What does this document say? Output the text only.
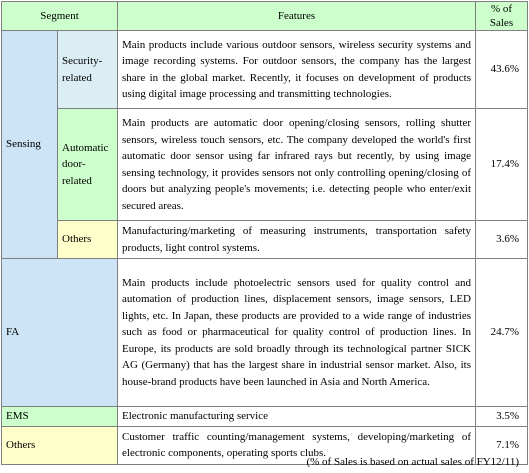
Segment		Features	% of Sales
Sensing	Security-related	Main products include various outdoor sensors, wireless security systems and image recording systems. For outdoor sensors, the company has the largest share in the global market. Recently, it focuses on development of products using digital image processing and transmitting technologies.	43.6%
	Automatic door-related	Main products are automatic door opening/closing sensors, rolling shutter sensors, wireless touch sensors, etc. The company developed the world's first automatic door sensor using far infrared rays but recently, by using image sensing technology, it provides sensors not only controlling opening/closing of doors but analyzing people's movements; i.e. detecting people who enter/exit secured areas.	17.4%
	Others	Manufacturing/marketing of measuring instruments, transportation safety products, light control systems.	3.6%
FA		Main products include photoelectric sensors used for quality control and automation of production lines, displacement sensors, image sensors, LED lights, etc. In Japan, these products are provided to a wide range of industries such as food or pharmaceutical for quality control of production lines. In Europe, its products are sold broadly through its technological partner SICK AG (Germany) that has the largest share in industrial sensor market. Also, its house-brand products have been launched in Asia and North America.	24.7%
EMS		Electronic manufacturing service	3.5%
Others		Customer traffic counting/management systems, developing/marketing of electronic components, operating sports clubs.	7.1%
(% of Sales is based on actual sales of FY12/11)
